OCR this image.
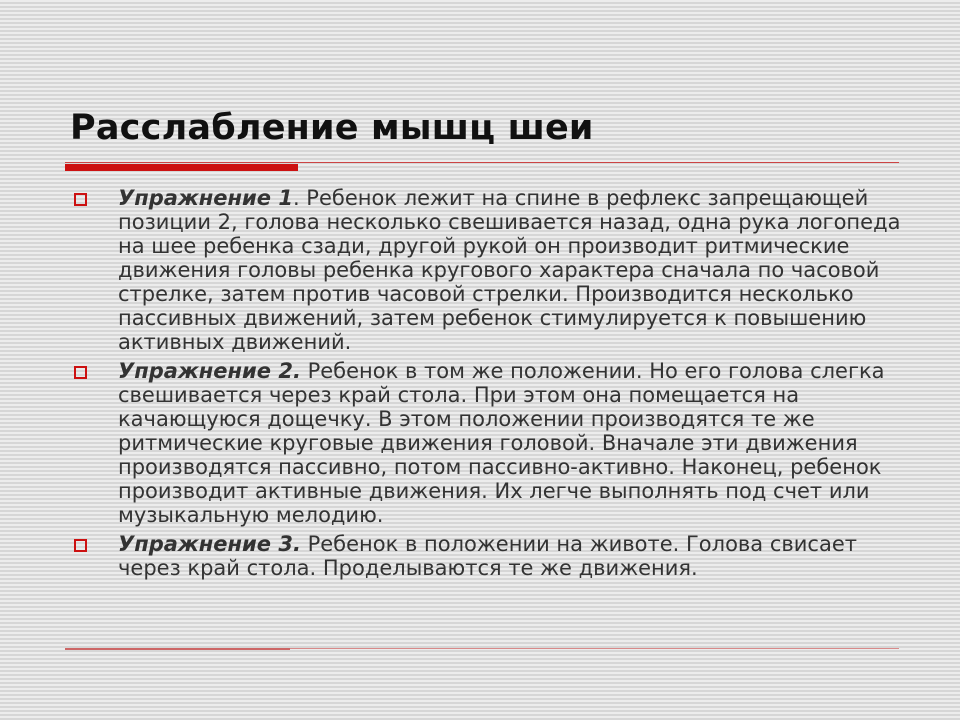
Расслабление мышц шеи
Упражнение 1. Ребенок лежит на спине в рефлекс запрещающей позиции 2, голова несколько свешивается назад, одна рука логопеда на шее ребенка сзади, другой рукой он производит ритмические движения головы ребенка кругового характера сначала по часовой стрелке, затем против часовой стрелки. Производится несколько пассивных движений, затем ребенок стимулируется к повышению активных движений.
Упражнение 2. Ребенок в том же положении. Но его голова слегка свешивается через край стола. При этом она помещается на качающуюся дощечку. В этом положении производятся те же ритмические круговые движения головой. Вначале эти движения производятся пассивно, потом пассивно-активно. Наконец, ребенок производит активные движения. Их легче выполнять под счет или музыкальную мелодию.
Упражнение 3. Ребенок в положении на животе. Голова свисает через край стола. Проделываются те же движения.
